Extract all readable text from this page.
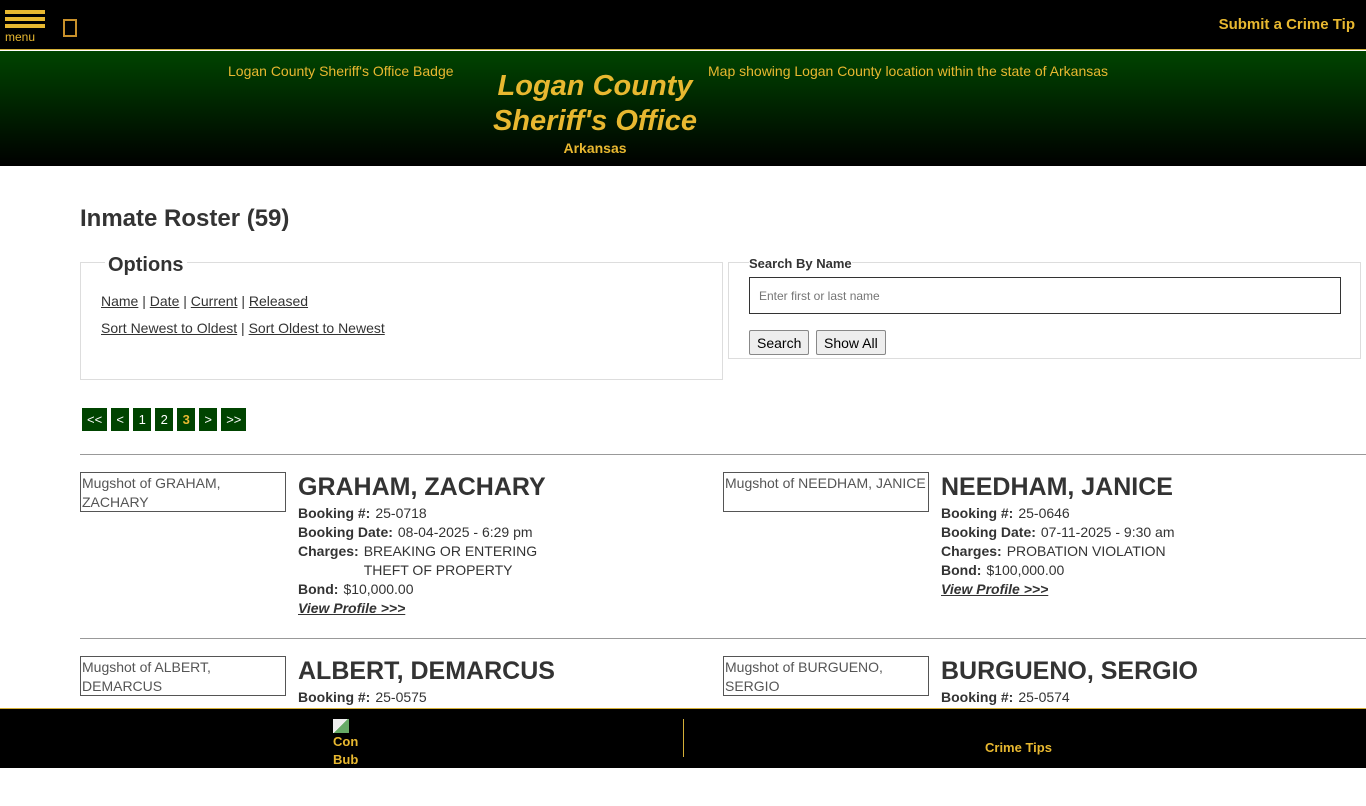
menu
Submit a Crime Tip
Logan County Sheriff's Office Badge	Logan County
Sheriff's Office
Arkansas
Map showing Logan County location within the state of Arkansas
Inmate Roster (59)
Options
Name | Date | Current | Released
Sort Newest to Oldest | Sort Oldest to Newest
Search By Name
Enter first or last name
Search	Show All
<<	<	1	2	3	>	>>
Mugshot of GRAHAM, ZACHARY
GRAHAM, ZACHARY
Booking #: 25-0718
Booking Date: 08-04-2025 - 6:29 pm
Charges: BREAKING OR ENTERING
THEFT OF PROPERTY
Bond: $10,000.00
View Profile >>>
Mugshot of NEEDHAM, JANICE NEEDHAM, JANICE
Booking #: 25-0646
Booking Date: 07-11-2025 - 9:30 am
Charges: PROBATION VIOLATION
Bond: $100,000.00
View Profile >>>
Mugshot of ALBERT, DEMARCUS
ALBERT, DEMARCUS
Booking #: 25-0575
Mugshot of BURGUENO, SERGIO
BURGUENO, SERGIO
Booking #: 25-0574
Con
Bub
Crime Tips
